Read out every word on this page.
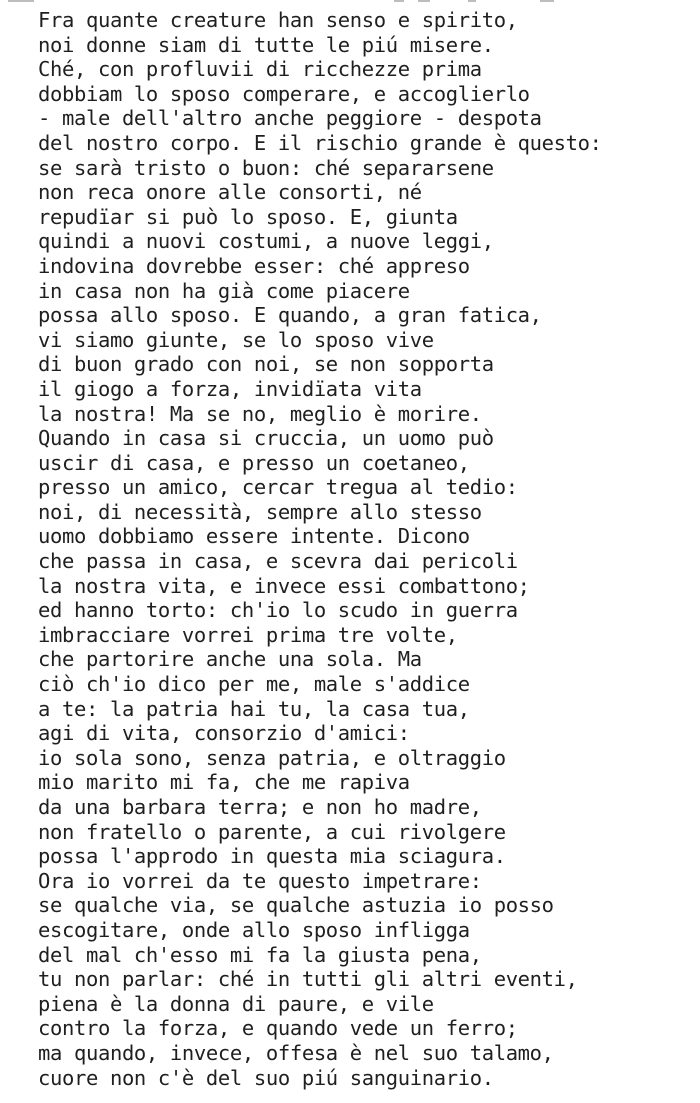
Fra quante creature han senso e spirito,
noi donne siam di tutte le piú misere.
Ché, con profluvii di ricchezze prima
dobbiam lo sposo comperare, e accoglierlo
- male dell'altro anche peggiore - despota
del nostro corpo. E il rischio grande è questo:
se sarà tristo o buon: ché separarsene
non reca onore alle consorti, né
repudïar si può lo sposo. E, giunta
quindi a nuovi costumi, a nuove leggi,
indovina dovrebbe esser: ché appreso
in casa non ha già come piacere
possa allo sposo. E quando, a gran fatica,
vi siamo giunte, se lo sposo vive
di buon grado con noi, se non sopporta
il giogo a forza, invidïata vita
la nostra! Ma se no, meglio è morire.
Quando in casa si cruccia, un uomo può
uscir di casa, e presso un coetaneo,
presso un amico, cercar tregua al tedio:
noi, di necessità, sempre allo stesso
uomo dobbiamo essere intente. Dicono
che passa in casa, e scevra dai pericoli
la nostra vita, e invece essi combattono;
ed hanno torto: ch'io lo scudo in guerra
imbracciare vorrei prima tre volte,
che partorire anche una sola. Ma
ciò ch'io dico per me, male s'addice
a te: la patria hai tu, la casa tua,
agi di vita, consorzio d'amici:
io sola sono, senza patria, e oltraggio
mio marito mi fa, che me rapiva
da una barbara terra; e non ho madre,
non fratello o parente, a cui rivolgere
possa l'approdo in questa mia sciagura.
Ora io vorrei da te questo impetrare:
se qualche via, se qualche astuzia io posso
escogitare, onde allo sposo infligga
del mal ch'esso mi fa la giusta pena,
tu non parlar: ché in tutti gli altri eventi,
piena è la donna di paure, e vile
contro la forza, e quando vede un ferro;
ma quando, invece, offesa è nel suo talamo,
cuore non c'è del suo piú sanguinario.
